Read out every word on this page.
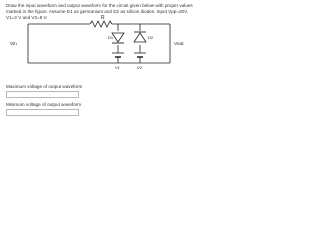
Draw the input waveform and output waveform for the circuit given below with proper values marked in the figure. Assume D1 as germanium and D2 as silicon diodes. Input Vpp=20V, V1=3 V and V2=8 V.	R
D1	D2
Vin	Vout
V1	V2
Maximum voltage of output waveform
Minimum voltage of output waveform
